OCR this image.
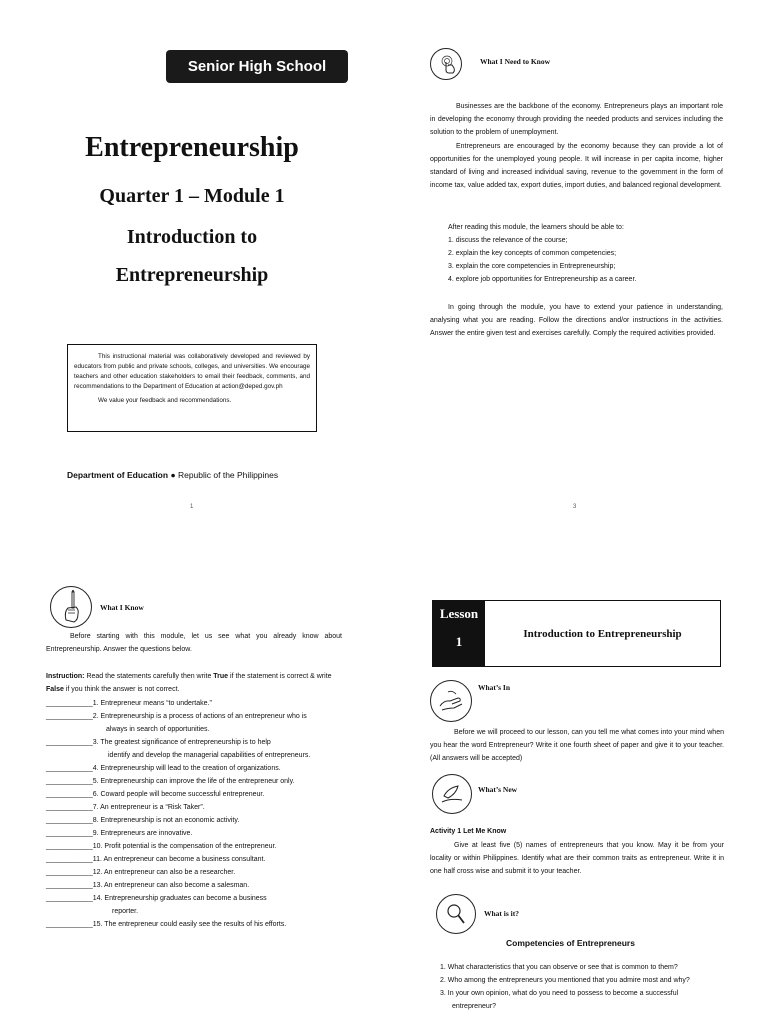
Senior High School
Entrepreneurship
Quarter 1 – Module 1
Introduction to
Entrepreneurship

This instructional material was collaboratively developed and reviewed by educators from public and private schools, colleges, and universities. We encourage teachers and other education stakeholders to email their feedback, comments, and recommendations to the Department of Education at action@deped.gov.ph

We value your feedback and recommendations.

Department of Education ● Republic of the Philippines
1
What I Need to Know

Businesses are the backbone of the economy. Entrepreneurs plays an important role in developing the economy through providing the needed products and services including the solution to the problem of unemployment.

Entrepreneurs are encouraged by the economy because they can provide a lot of opportunities for the unemployed young people. It will increase in per capita income, higher standard of living and increased individual saving, revenue to the government in the form of income tax, value added tax, export duties, import duties, and balanced regional development.

After reading this module, the learners should be able to:

1. discuss the relevance of the course;
2. explain the key concepts of common competencies;
3. explain the core competencies in Entrepreneurship;
4. explore job opportunities for Entrepreneurship as a career.

In going through the module, you have to extend your patience in understanding, analysing what you are reading. Follow the directions and/or instructions in the activities. Answer the entire given test and exercises carefully. Comply the required activities provided.

3
What I Know

Before starting with this module, let us see what you already know about Entrepreneurship. Answer the questions below.

Instruction: Read the statements carefully then write True if the statement is correct & write False if you think the answer is not correct.

____________1. Entrepreneur means “to undertake.”
____________2. Entrepreneurship is a process of actions of an entrepreneur who is
always in search of opportunities.
____________3. The greatest significance of entrepreneurship is to help
identify and develop the managerial capabilities of entrepreneurs.
____________4. Entrepreneurship will lead to the creation of organizations.
____________5. Entrepreneurship can improve the life of the entrepreneur only.
____________6. Coward people will become successful entrepreneur.
____________7. An entrepreneur is a “Risk Taker”.
____________8. Entrepreneurship is not an economic activity.
____________9. Entrepreneurs are innovative.
____________10. Profit potential is the compensation of the entrepreneur.
____________11. An entrepreneur can become a business consultant.
____________12. An entrepreneur can also be a researcher.
____________13. An entrepreneur can also become a salesman.
____________14. Entrepreneurship graduates can become a business
reporter.
____________15. The entrepreneur could easily see the results of his efforts.
Lesson
1
Introduction to Entrepreneurship
What’s In

Before we will proceed to our lesson, can you tell me what comes into your mind when you hear the word Entrepreneur? Write it one fourth sheet of paper and give it to your teacher. (All answers will be accepted)

What’s New
Activity 1 Let Me Know

Give at least five (5) names of entrepreneurs that you know. May it be from your locality or within Philippines. Identify what are their common traits as entrepreneur. Write it in one half cross wise and submit it to your teacher.

What is it?
Competencies of Entrepreneurs
1. What characteristics that you can observe or see that is common to them?
2. Who among the entrepreneurs you mentioned that you admire most and why?
3. In your own opinion, what do you need to possess to become a successful
entrepreneur?
